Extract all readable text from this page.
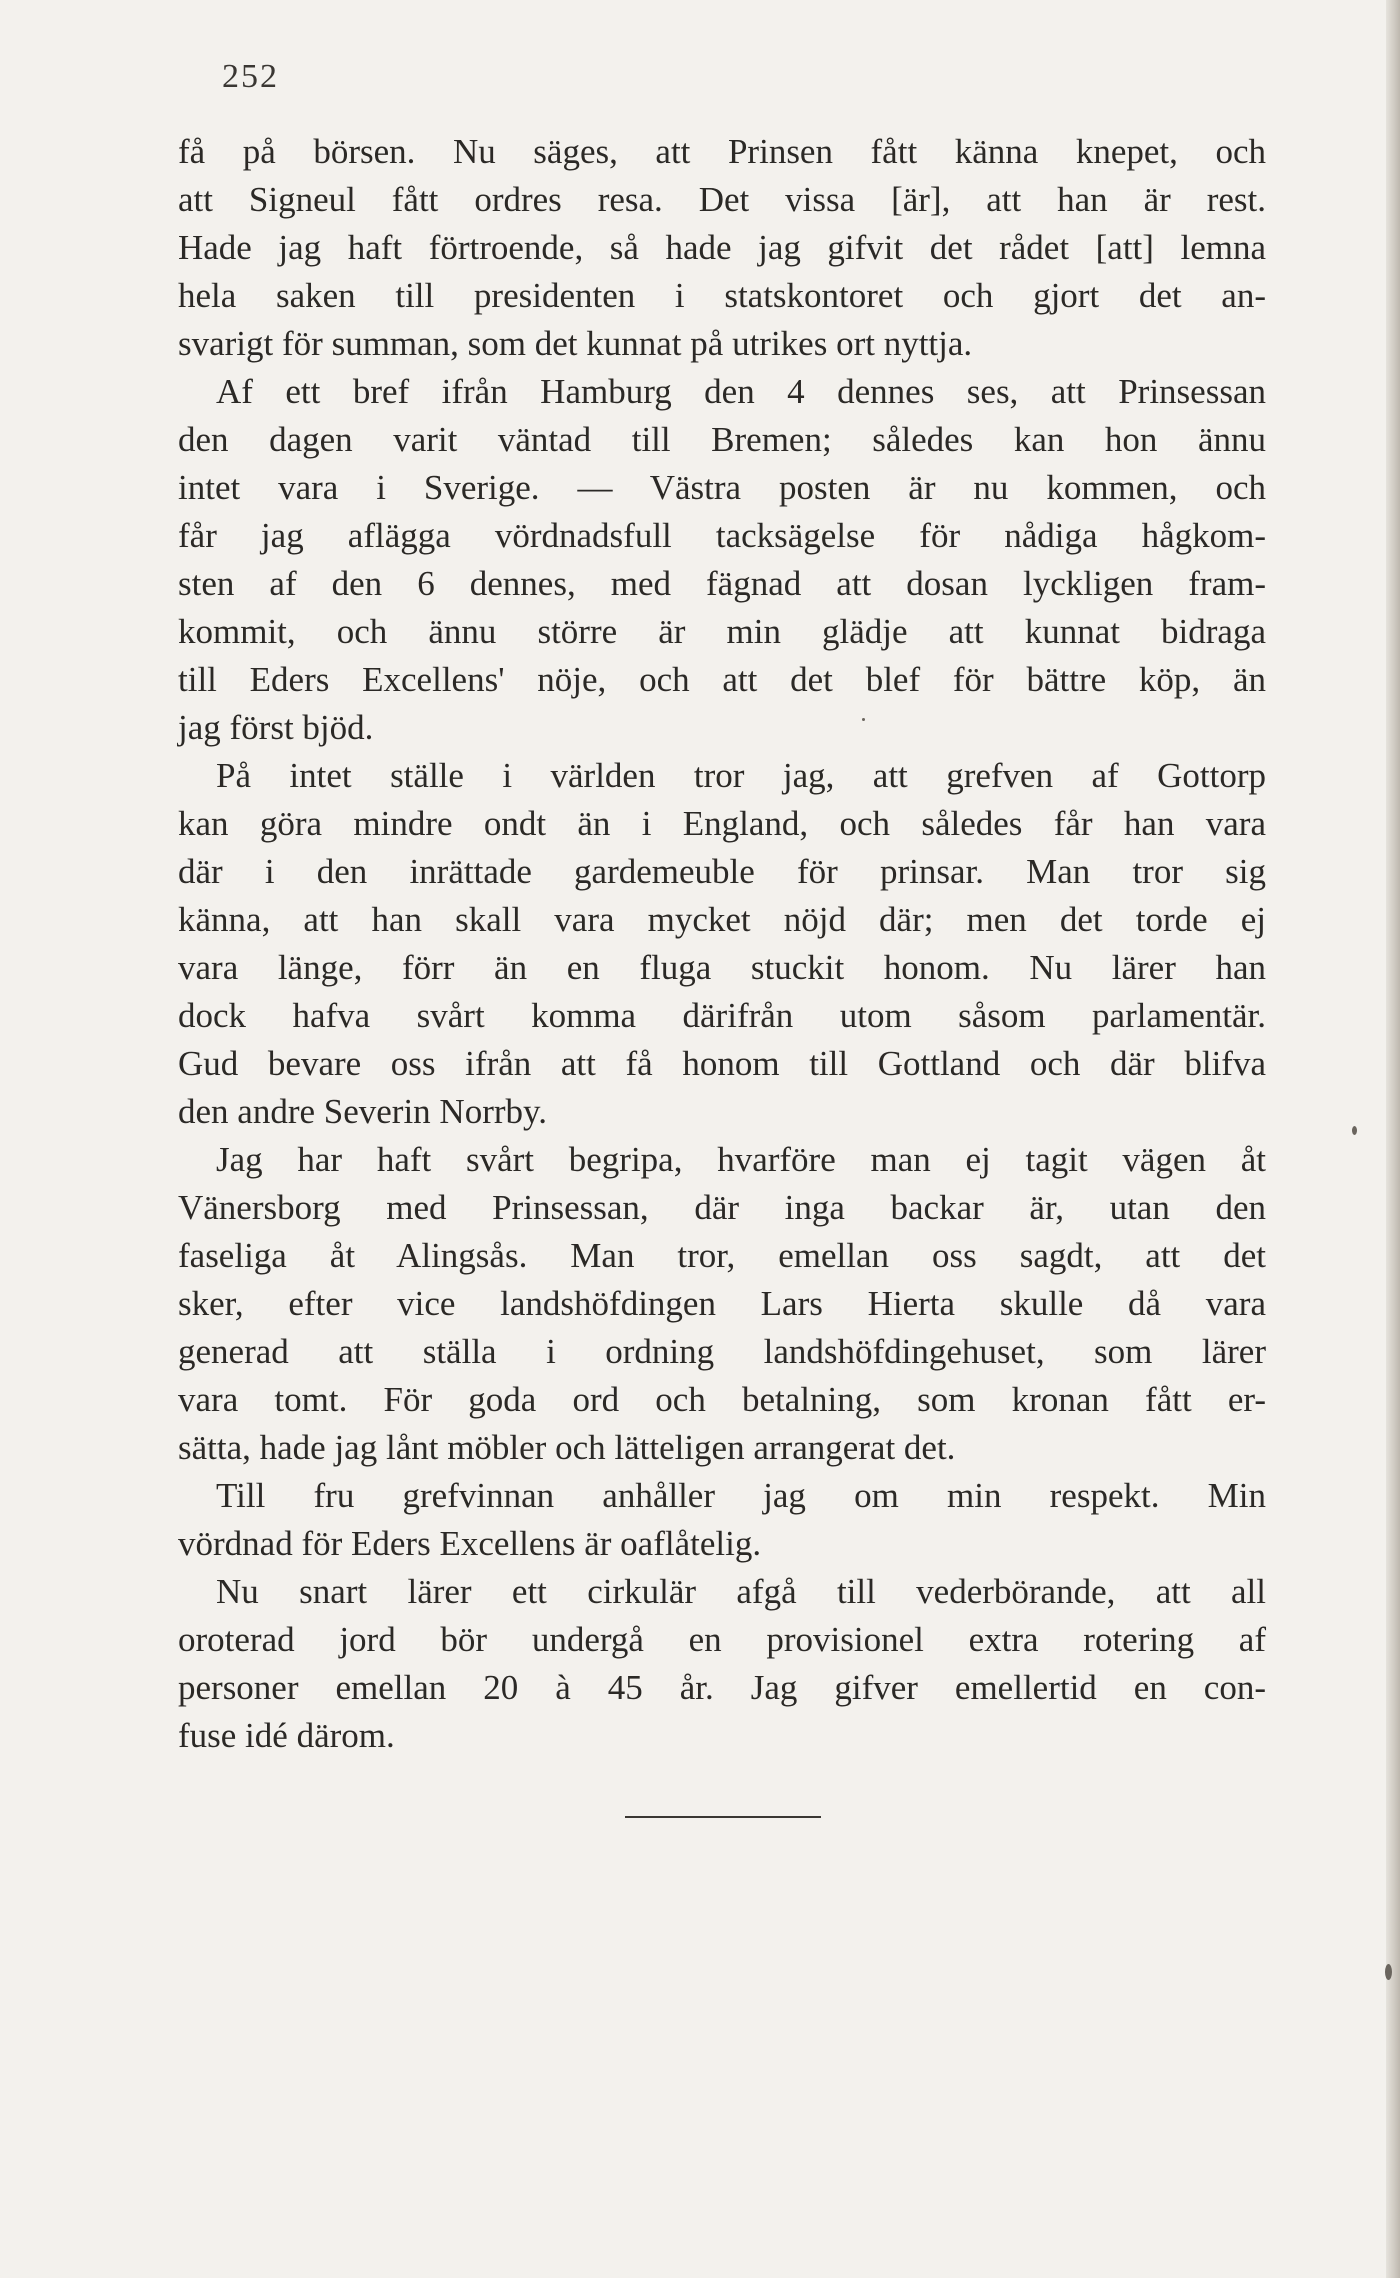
252
få på börsen. Nu säges, att Prinsen fått känna knepet, och
att Signeul fått ordres resa. Det vissa [är], att han är rest.
Hade jag haft förtroende, så hade jag gifvit det rådet [att] lemna
hela saken till presidenten i statskontoret och gjort det an-
svarigt för summan, som det kunnat på utrikes ort nyttja.
Af ett bref ifrån Hamburg den 4 dennes ses, att Prinsessan
den dagen varit väntad till Bremen; således kan hon ännu
intet vara i Sverige. — Västra posten är nu kommen, och
får jag aflägga vördnadsfull tacksägelse för nådiga hågkom-
sten af den 6 dennes, med fägnad att dosan lyckligen fram-
kommit, och ännu större är min glädje att kunnat bidraga
till Eders Excellens' nöje, och att det blef för bättre köp, än
jag först bjöd.
På intet ställe i världen tror jag, att grefven af Gottorp
kan göra mindre ondt än i England, och således får han vara
där i den inrättade gardemeuble för prinsar. Man tror sig
känna, att han skall vara mycket nöjd där; men det torde ej
vara länge, förr än en fluga stuckit honom. Nu lärer han
dock hafva svårt komma därifrån utom såsom parlamentär.
Gud bevare oss ifrån att få honom till Gottland och där blifva
den andre Severin Norrby.
Jag har haft svårt begripa, hvarföre man ej tagit vägen åt
Vänersborg med Prinsessan, där inga backar är, utan den
faseliga åt Alingsås. Man tror, emellan oss sagdt, att det
sker, efter vice landshöfdingen Lars Hierta skulle då vara
generad att ställa i ordning landshöfdingehuset, som lärer
vara tomt. För goda ord och betalning, som kronan fått er-
sätta, hade jag lånt möbler och lätteligen arrangerat det.
Till fru grefvinnan anhåller jag om min respekt. Min
vördnad för Eders Excellens är oaflåtelig.
Nu snart lärer ett cirkulär afgå till vederbörande, att all
oroterad jord bör undergå en provisionel extra rotering af
personer emellan 20 à 45 år. Jag gifver emellertid en con-
fuse idé därom.
